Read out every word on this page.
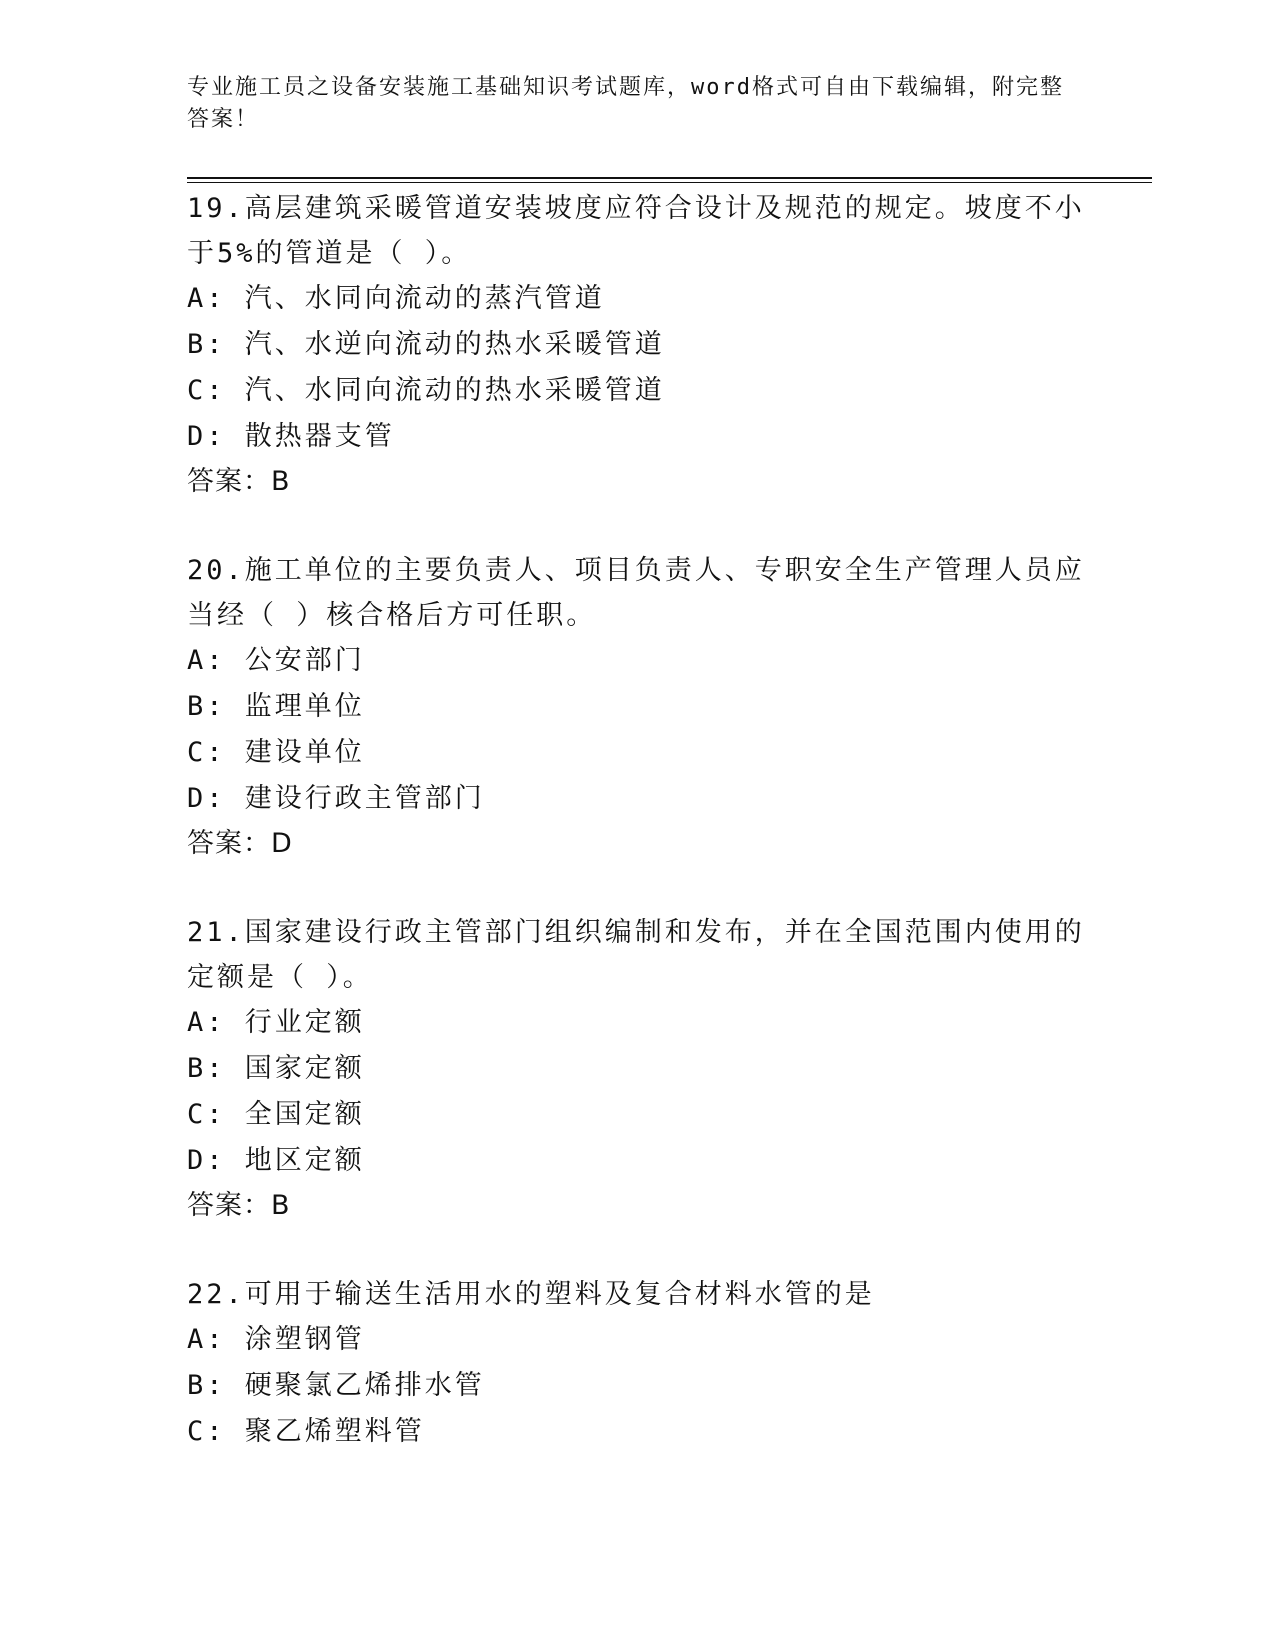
专业施工员之设备安装施工基础知识考试题库，word格式可自由下载编辑，附完整答案！

19.高层建筑采暖管道安装坡度应符合设计及规范的规定。坡度不小于5%的管道是（ ）。

A: 汽、水同向流动的蒸汽管道

B: 汽、水逆向流动的热水采暖管道

C: 汽、水同向流动的热水采暖管道

D: 散热器支管

答案：B

20.施工单位的主要负责人、项目负责人、专职安全生产管理人员应当经（ ）核合格后方可任职。

A: 公安部门

B: 监理单位

C: 建设单位

D: 建设行政主管部门

答案：D

21.国家建设行政主管部门组织编制和发布，并在全国范围内使用的定额是（ ）。

A: 行业定额

B: 国家定额

C: 全国定额

D: 地区定额

答案：B

22.可用于输送生活用水的塑料及复合材料水管的是

A: 涂塑钢管

B: 硬聚氯乙烯排水管

C: 聚乙烯塑料管
